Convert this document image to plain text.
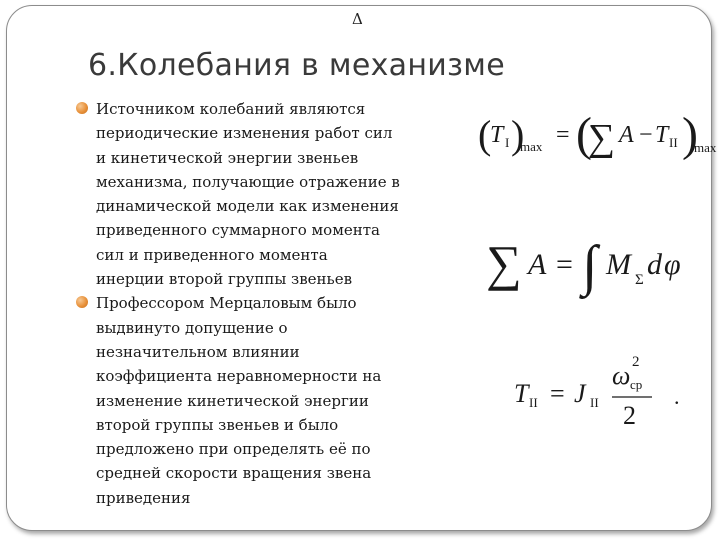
Δ
6.Колебания в механизме
Источником колебаний являются
периодические изменения работ сил
и кинетической энергии звеньев
механизма, получающие отражение в
динамической модели как изменения
приведенного суммарного момента
сил и приведенного момента
инерции второй группы звеньев
Профессором Мерцаловым было
выдвинуто допущение о
незначительном влиянии
коэффициента неравномерности на
изменение кинетической энергии
второй группы звеньев и было
предложено при определять её по
средней скорости вращения звена
приведения
(
T I )
max = (
∑ A − T II )
max
∑ A = ∫ M Σ d φ
T II = J II
ω 2
ср
2
.
